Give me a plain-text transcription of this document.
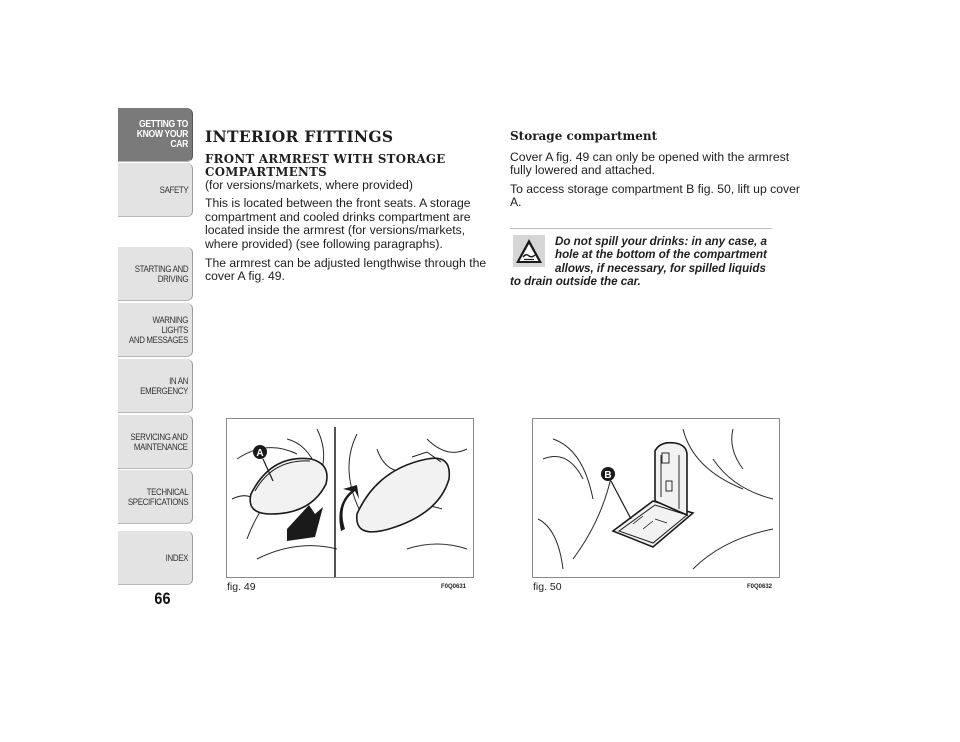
GETTING TO
KNOW YOUR CAR
SAFETY
STARTING AND
DRIVING
WARNING LIGHTS
AND MESSAGES
IN AN EMERGENCY
SERVICING AND
MAINTENANCE
TECHNICAL
SPECIFICATIONS
INDEX
66
INTERIOR FITTINGS
FRONT ARMREST WITH STORAGE COMPARTMENTS

(for versions/markets, where provided)

This is located between the front seats. A storage compartment and cooled drinks compartment are located inside the armrest (for versions/markets, where provided) (see following paragraphs).

The armrest can be adjusted lengthwise through the cover A fig. 49.

Storage compartment

Cover A fig. 49 can only be opened with the armrest fully lowered and attached.

To access storage compartment B fig. 50, lift up cover A.

Do not spill your drinks: in any case, a
hole at the bottom of the compartment
allows, if necessary, for spilled liquids
to drain outside the car.
A
fig. 49	F0Q0631
B
fig. 50	F0Q0632
